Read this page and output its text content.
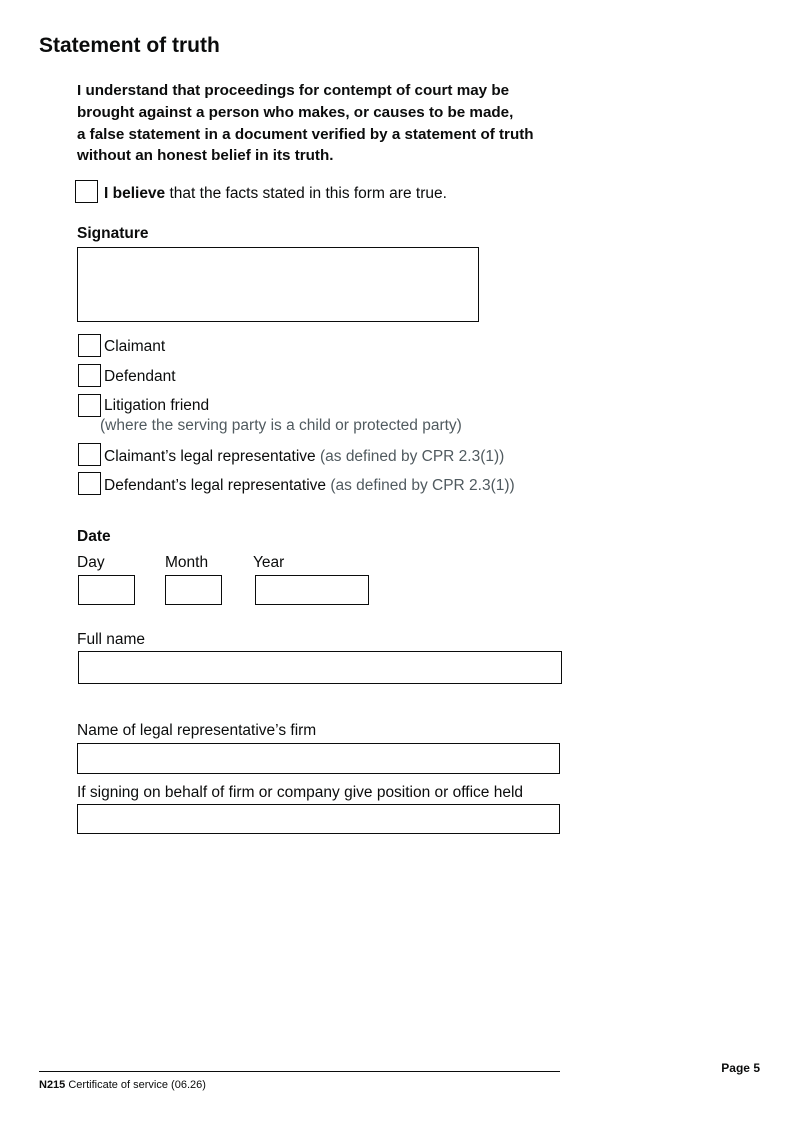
Statement of truth
I understand that proceedings for contempt of court may be
brought against a person who makes, or causes to be made,
a false statement in a document verified by a statement of truth
without an honest belief in its truth.
I believe that the facts stated in this form are true.
Signature
Claimant
Defendant
Litigation friend
(where the serving party is a child or protected party)
Claimant’s legal representative (as defined by CPR 2.3(1))
Defendant’s legal representative (as defined by CPR 2.3(1))
Date
Day	Month	Year
Full name
Name of legal representative’s firm
If signing on behalf of firm or company give position or office held
Page 5
N215 Certificate of service (06.26)
